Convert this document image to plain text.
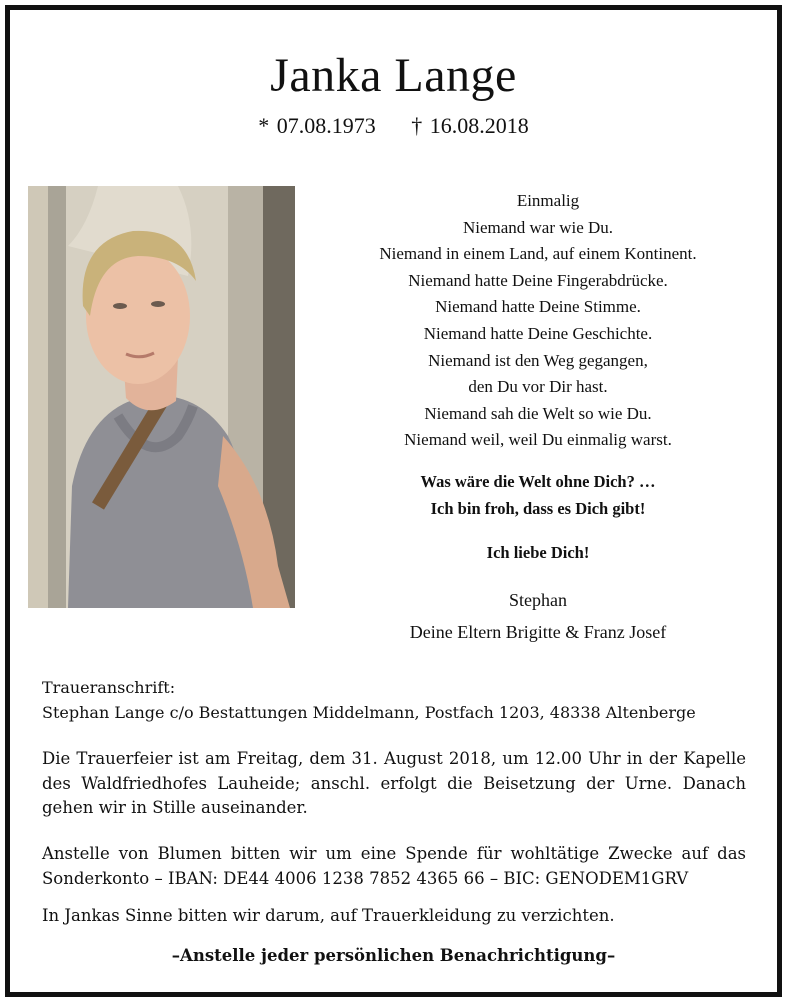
Janka Lange
* 07.08.1973 † 16.08.2018
Einmalig
Niemand war wie Du.
Niemand in einem Land, auf einem Kontinent.
Niemand hatte Deine Fingerabdrücke.
Niemand hatte Deine Stimme.
Niemand hatte Deine Geschichte.
Niemand ist den Weg gegangen,
den Du vor Dir hast.
Niemand sah die Welt so wie Du.
Niemand weil, weil Du einmalig warst.
Was wäre die Welt ohne Dich? …
Ich bin froh, dass es Dich gibt!
Ich liebe Dich!
Stephan
Deine Eltern Brigitte & Franz Josef
Traueranschrift:
Stephan Lange c/o Bestattungen Middelmann, Postfach 1203, 48338 Altenberge
Die Trauerfeier ist am Freitag, dem 31. August 2018, um 12.00 Uhr in der Kapelle des Waldfriedhofes Lauheide; anschl. erfolgt die Beisetzung der Urne. Danach gehen wir in Stille auseinander.
Anstelle von Blumen bitten wir um eine Spende für wohltätige Zwecke auf das Sonderkonto – IBAN: DE44 4006 1238 7852 4365 66 – BIC: GENODEM1GRV
In Jankas Sinne bitten wir darum, auf Trauerkleidung zu verzichten.
–Anstelle jeder persönlichen Benachrichtigung–
